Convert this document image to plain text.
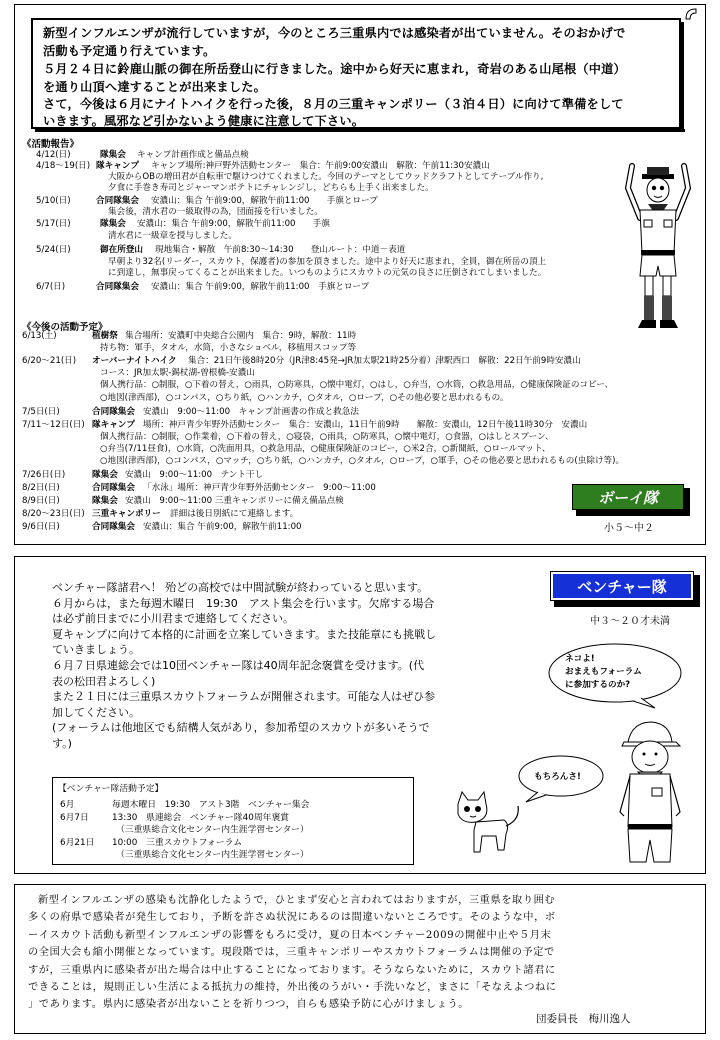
新型インフルエンザが流行していますが，今のところ三重県内では感染者が出ていません。そのおかげで
活動も予定通り行えています。
５月２４日に鈴鹿山脈の御在所岳登山に行きました。途中から好天に恵まれ，奇岩のある山尾根（中道）
を通り山頂へ達することが出来ました。
さて，今後は６月にナイトハイクを行った後，８月の三重キャンポリー（３泊４日）に向けて準備をして
いきます。風邪など引かないよう健康に注意して下さい。
《活動報告》
4/12(日)	隊集会 キャンプ計画作成と備品点検
4/18～19(日) 隊キャンプ キャンプ場所:神戸野外活動センター　集合：午前9:00安濃山　解散：午前11:30安濃山
大阪からOBの増田君が自転車で駆けつけてくれました。今回のテーマとしてウッドクラフトとしてテーブル作り,
夕食に手巻き寿司とジャーマンポテトにチャレンジし，どちらも上手く出来ました。
5/10(日)	合同隊集会 安濃山：集合 午前9:00，解散午前11:00　　手旗とロープ
集会後，清水君の一級取得の為，団面接を行いました。
5/17(日)	隊集会 安濃山：集合 午前9:00，解散午前11:00　　手旗
清水君に一級章を授与しました。
5/24(日)	御在所登山 現地集合・解散　午前8:30～14:30　　登山ルート：中道－表道
早朝より32名(リーダー，スカウト，保護者)の参加を頂きました。途中より好天に恵まれ，全員，御在所岳の頂上
に到達し，無事戻ってくることが出来ました。いつものようにスカウトの元気の良さに圧倒されてしまいました。
6/7(日)	合同隊集会 安濃山：集合 午前9:00，解散午前11:00　手旗とロープ
《今後の活動予定》
6/13(土)	植樹祭 集合場所：安濃町中央総合公園内　集合：9時，解散：11時
持ち物：軍手，タオル，水筒，小さなショベル，移植用スコップ等
6/20～21(日) オーバーナイトハイク 集合：21日午後8時20分（JR津8:45発→JR加太駅21時25分着）津駅西口　解散：22日午前9時安濃山
コース：JR加太駅-錫杖湖-曽根橋-安濃山
個人携行品：○制服，○下着の替え，○雨具，○防寒具，○懐中電灯，○はし，○弁当，○水筒，○救急用品，○健康保険証のコピー、
○地図(津西部)，○コンパス，○ちり紙，○ハンカチ，○タオル，○ロープ，○その他必要と思われるもの。
7/5日(日)	合同隊集会 安濃山　9:00～11:00　キャンプ計画書の作成と救急法
7/11～12日(日) 隊キャンプ 場所：神戸青少年野外活動センター　集合：安濃山，11日午前9時　　解散：安濃山，12日午後11時30分　安濃山
個人携行品：○制服，○作業着，○下着の替え，○寝袋，○雨具，○防寒具，○懐中電灯，○食器，○はしとスプーン、
○弁当(7/11昼食)，○水筒，○洗面用具，○救急用品，○健康保険証のコピー，○米2合，○新聞紙，○ロールマット、
○地図(津西部)，○コンパス，○マッチ，○ちり紙，○ハンカチ，○タオル，○ロープ，○軍手，○その他必要と思われるもの(虫除け等)。
7/26日(日)	隊集会 安濃山　9:00～11:00　テント干し
8/2日(日)	合同隊集会 「水泳」場所：神戸青少年野外活動センター　9:00～11:00
8/9日(日)	隊集会 安濃山　9:00～11:00 三重キャンポリーに備え備品点検
8/20～23日(日) 三重キャンポリー 詳細は後日別紙にて連絡します。
9/6日(日)	合同隊集会 安濃山：集合 午前9:00，解散午前11:00
ボーイ隊
小５～中２
ベンチャー隊諸君へ！ 殆どの高校では中間試験が終わっていると思います。
６月からは，また毎週木曜日　19:30　アスト集会を行います。欠席する場合
は必ず前日までに小川君まで連絡してください。
夏キャンプに向けて本格的に計画を立案していきます。また技能章にも挑戦し
ていきましょう。
６月７日県連総会では10団ベンチャー隊は40周年記念褒賞を受けます。(代
表の松田君よろしく)
また２１日には三重県スカウトフォーラムが開催されます。可能な人はぜひ参
加してください。
(フォーラムは他地区でも結構人気があり，参加希望のスカウトが多いそうで
す。)
ベンチャー隊
中３～２０才未満
ネコよ!
おまえもフォーラム
に参加するのか?
もちろんさ!
【ベンチャー隊活動予定】
6月	毎週木曜日　19:30　アスト3階　ベンチャー集会
6月7日	13:30　県連総会　ベンチャー隊40周年褒賞
（三重県総合文化センター内生涯学習センター）
6月21日 10:00　三重スカウトフォーラム
（三重県総合文化センター内生涯学習センター）
新型インフルエンザの感染も沈静化したようで，ひとまず安心と言われてはおりますが，三重県を取り囲む
多くの府県で感染者が発生しており，予断を許さぬ状況にあるのは間違いないところです。そのような中，ボ
ーイスカウト活動も新型インフルエンザの影響をもろに受け，夏の日本ベンチャー2009の開催中止や５月末
の全国大会も縮小開催となっています。現段階では，三重キャンポリーやスカウトフォーラムは開催の予定で
すが，三重県内に感染者が出た場合は中止することになっております。そうならないために，スカウト諸君に
できることは，規則正しい生活による抵抗力の維持，外出後のうがい・手洗いなど，まさに「そなえよつねに
」であります。県内に感染者が出ないことを祈りつつ，自らも感染予防に心がけましょう。
団委員長　梅川逸人
